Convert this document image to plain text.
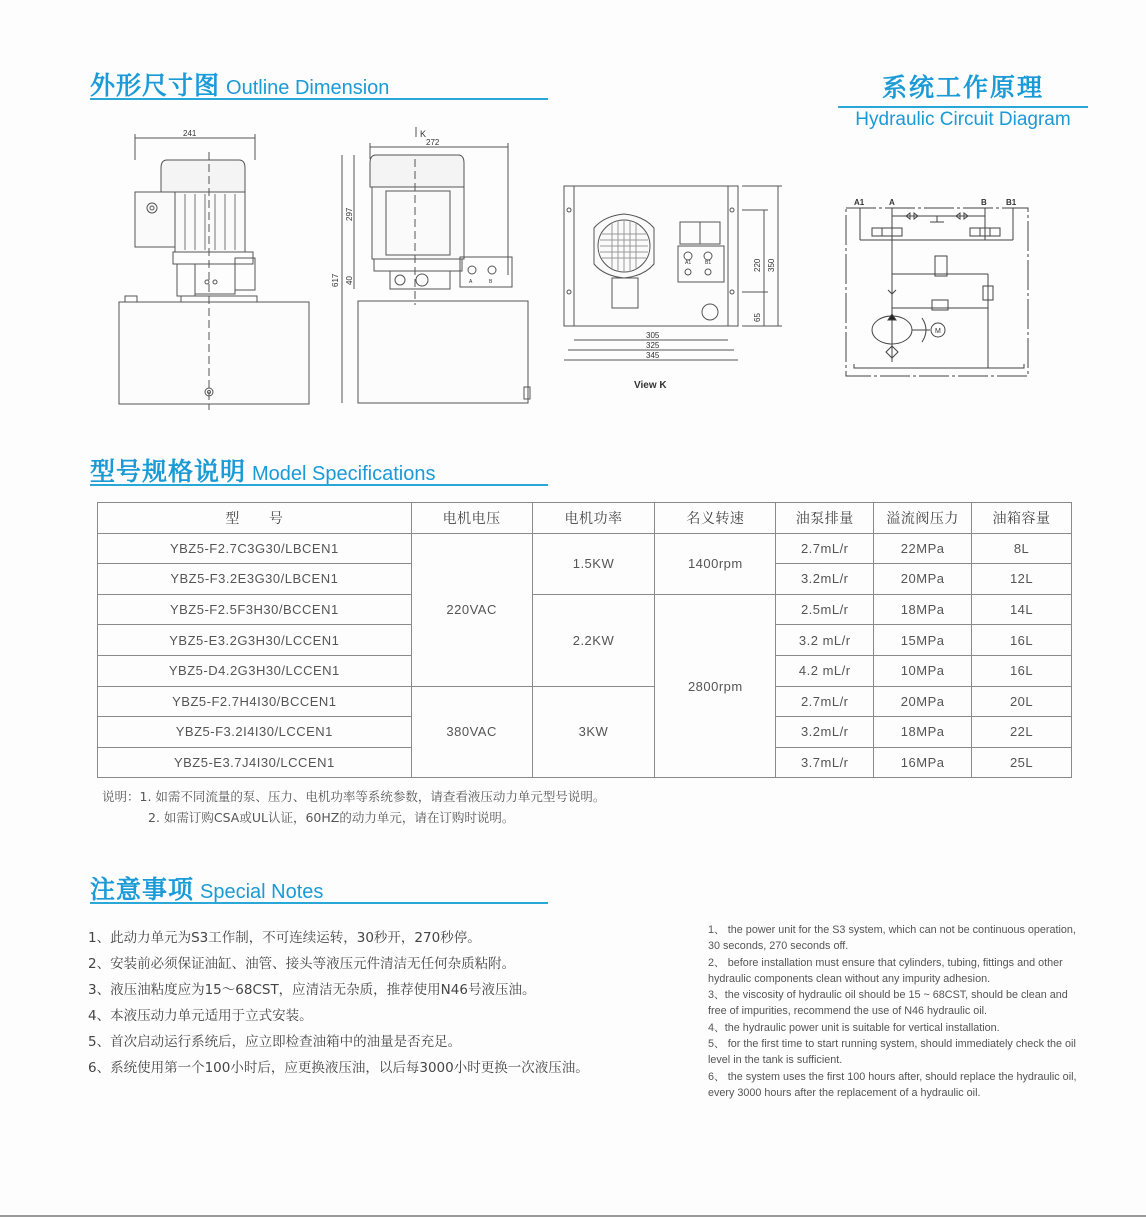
外形尺寸图 Outline Dimension	系统工作原理
Hydraulic Circuit Diagram
241	K
272
617
297
40	A	B
A1	B1
305
325
345
220 350
65
View K
A1	A	B B1
M
型号规格说明 Model Specifications
型　　号	电机电压	电机功率	名义转速	油泵排量	溢流阀压力	油箱容量
YBZ5-F2.7C3G30/LBCEN1	220VAC	1.5KW	1400rpm	2.7mL/r	22MPa	8L
YBZ5-F3.2E3G30/LBCEN1				3.2mL/r	20MPa	12L
YBZ5-F2.5F3H30/BCCEN1		2.2KW	2800rpm	2.5mL/r	18MPa	14L
YBZ5-E3.2G3H30/LCCEN1				3.2 mL/r	15MPa	16L
YBZ5-D4.2G3H30/LCCEN1				4.2 mL/r	10MPa	16L
YBZ5-F2.7H4I30/BCCEN1	380VAC	3KW		2.7mL/r	20MPa	20L
YBZ5-F3.2I4I30/LCCEN1				3.2mL/r	18MPa	22L
YBZ5-E3.7J4I30/LCCEN1				3.7mL/r	16MPa	25L
说明：1. 如需不同流量的泵、压力、电机功率等系统参数，请查看液压动力单元型号说明。
2. 如需订购CSA或UL认证，60HZ的动力单元，请在订购时说明。
注意事项 Special Notes
1、此动力单元为S3工作制，不可连续运转，30秒开，270秒停。
2、安装前必须保证油缸、油管、接头等液压元件清洁无任何杂质粘附。
3、液压油粘度应为15～68CST，应清洁无杂质，推荐使用N46号液压油。
4、本液压动力单元适用于立式安装。
5、首次启动运行系统后，应立即检查油箱中的油量是否充足。
6、系统使用第一个100小时后，应更换液压油，以后每3000小时更换一次液压油。
1、 the power unit for the S3 system, which can not be continuous operation, 30 seconds, 270 seconds off.
2、 before installation must ensure that cylinders, tubing, fittings and other hydraulic components clean without any impurity adhesion.
3、the viscosity of hydraulic oil should be 15 ~ 68CST, should be clean and free of impurities, recommend the use of N46 hydraulic oil.
4、the hydraulic power unit is suitable for vertical installation.
5、 for the first time to start running system, should immediately check the oil level in the tank is sufficient.
6、 the system uses the first 100 hours after, should replace the hydraulic oil, every 3000 hours after the replacement of a hydraulic oil.
